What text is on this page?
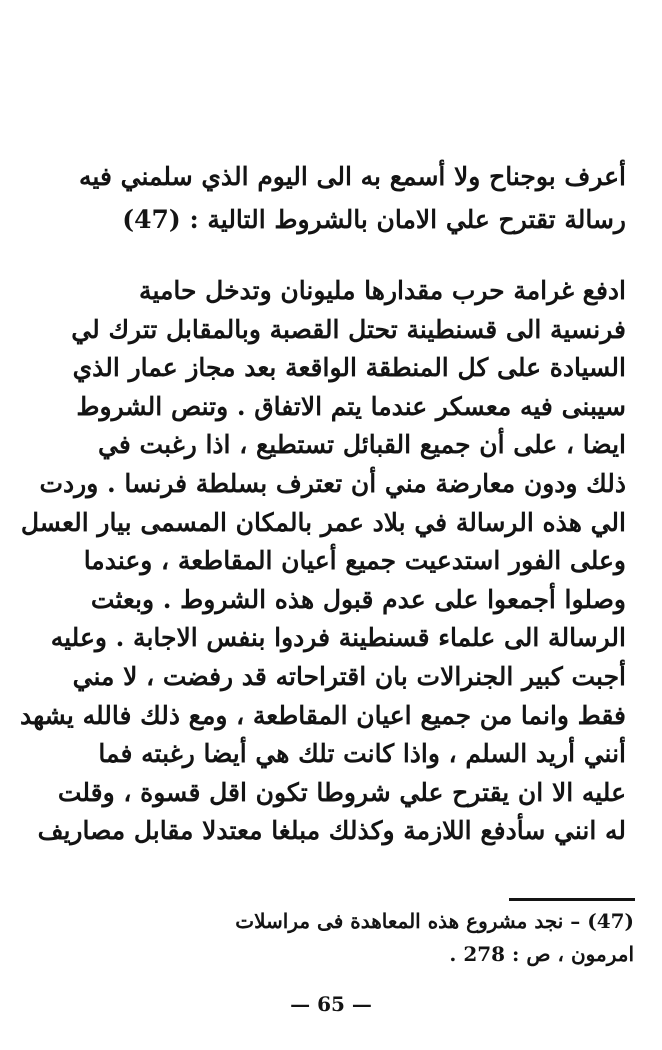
أعرف بوجناح ولا أسمع به الى اليوم الذي سلمني فيه
رسالة تقترح علي الامان بالشروط التالية : (47)
ادفع غرامة حرب مقدارها مليونان وتدخل حامية
فرنسية الى قسنطينة تحتل القصبة وبالمقابل تترك لي
السيادة على كل المنطقة الواقعة بعد مجاز عمار الذي
سيبنى فيه معسكر عندما يتم الاتفاق . وتنص الشروط
ايضا ، على أن جميع القبائل تستطيع ، اذا رغبت في
ذلك ودون معارضة مني أن تعترف بسلطة فرنسا . وردت
الي هذه الرسالة في بلاد عمر بالمكان المسمى بيار العسل
وعلى الفور استدعيت جميع أعيان المقاطعة ، وعندما
وصلوا أجمعوا على عدم قبول هذه الشروط . وبعثت
الرسالة الى علماء قسنطينة فردوا بنفس الاجابة . وعليه
أجبت كبير الجنرالات بان اقتراحاته قد رفضت ، لا مني
فقط وانما من جميع اعيان المقاطعة ، ومع ذلك فالله يشهد
أنني أريد السلم ، واذا كانت تلك هي أيضا رغبته فما
عليه الا ان يقترح علي شروطا تكون اقل قسوة ، وقلت
له انني سأدفع اللازمة وكذلك مبلغا معتدلا مقابل مصاريف
(47) – نجد مشروع هذه المعاهدة فى مراسلات
امرمون ، ص : 278 .
— 65 —
